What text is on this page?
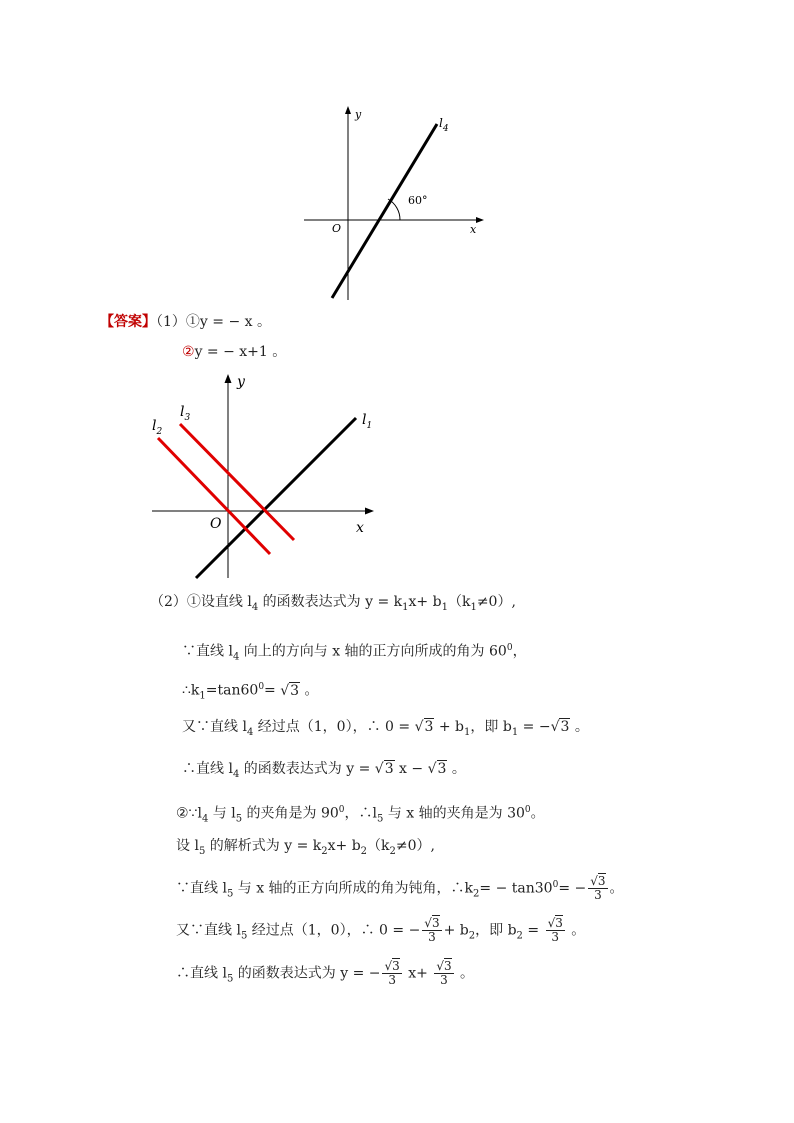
y
x
O
$l_4$
60°
【答案】（1）①y = − x 。
②y = − x+1 。
y
x
O
$l_1$
$l_2$
$l_3$
（2）①设直线 $l_4$ 的函数表达式为 $y = k_1x+ b_1(k_1\ne 0)$,
∵直线 $l_4$ 向上的方向与 x 轴的正方向所成的角为 $60^0$，
$\therefore k_1=\tan 60^0= √3$ 。
又∵直线 $l_4$ 经过点（1，0），∴ $0 = √3 + b_1$，即 $b_1 = -√3$ 。
∴直线 $l_4$ 的函数表达式为 y = √3 x − √3 。
$②\because l_4$ 与 $l_5$ 的夹角是为 $90^0$，$\therefore l_5$ 与 x 轴的夹角是为 $30^0$。
设 $l_5$ 的解析式为 $y = k_2x+ b_2(k_2\ne 0)$,
∵直线 $l_5$ 与 x 轴的正方向所成的角为钝角，$\therefore k_2= - \tan 30^0= - \frac{√3}{3}$ 。
又∵直线 $l_5$ 经过点（1，0），∴ 0 = − $\frac{√3}{3} + b_2$，即 $b_2 = \frac{√3}{3}$ 。
∴直线 $l_5$ 的函数表达式为 y = − $\frac{√3}{3} x+ \frac{√3}{3}$ 。
